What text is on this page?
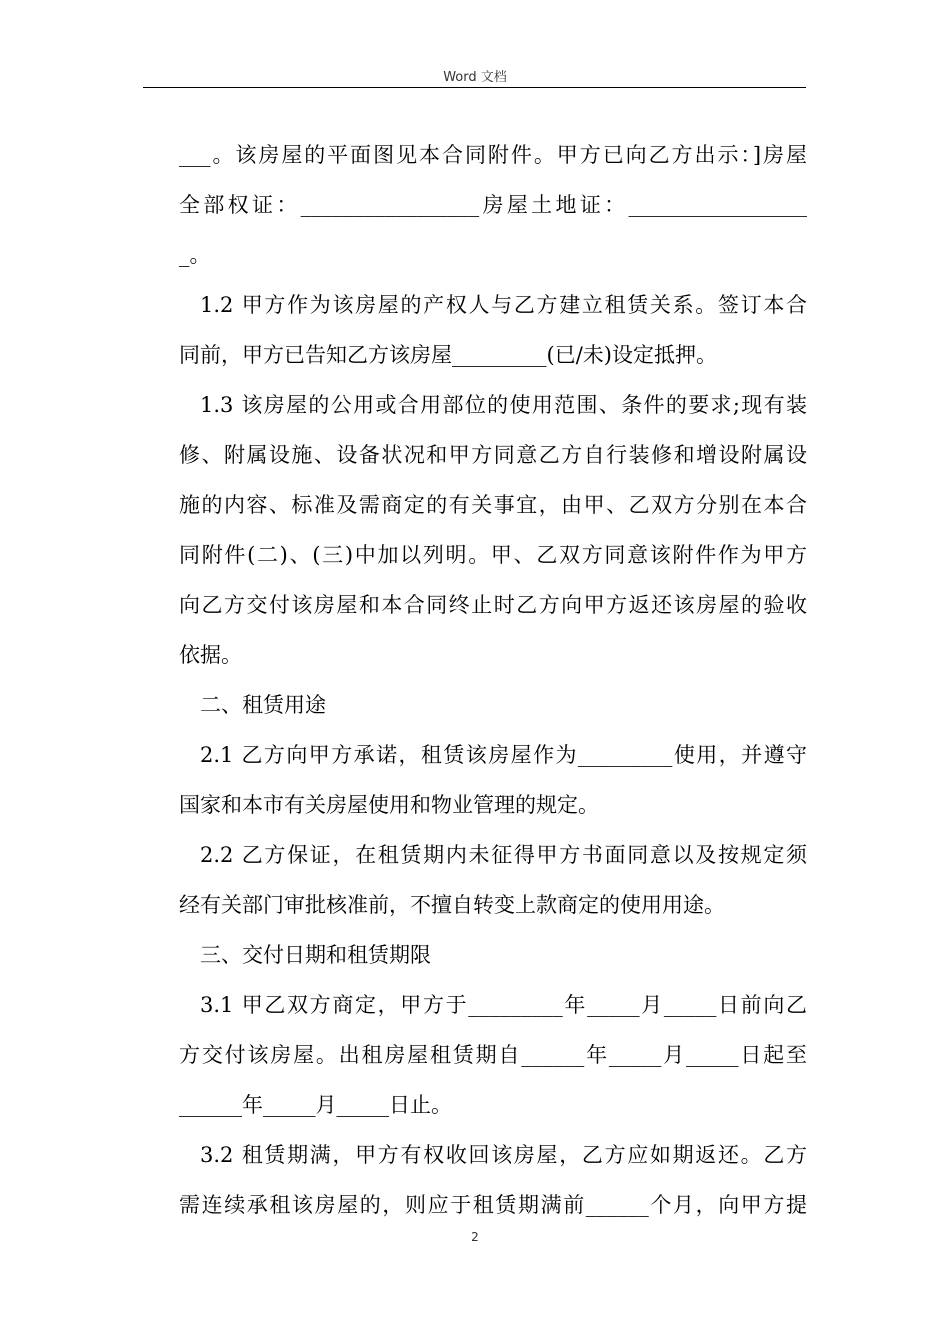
Word 文档
___。该房屋的平面图见本合同附件。甲方已向乙方出示：]房屋
全部权证：_________________房屋土地证：_________________
_。
1.2 甲方作为该房屋的产权人与乙方建立租赁关系。签订本合
同前，甲方已告知乙方该房屋_________(已/未)设定抵押。
1.3 该房屋的公用或合用部位的使用范围、条件的要求;现有装
修、附属设施、设备状况和甲方同意乙方自行装修和增设附属设
施的内容、标准及需商定的有关事宜，由甲、乙双方分别在本合
同附件(二)、(三)中加以列明。甲、乙双方同意该附件作为甲方
向乙方交付该房屋和本合同终止时乙方向甲方返还该房屋的验收
依据。
二、租赁用途
2.1 乙方向甲方承诺，租赁该房屋作为_________使用，并遵守
国家和本市有关房屋使用和物业管理的规定。
2.2 乙方保证，在租赁期内未征得甲方书面同意以及按规定须
经有关部门审批核准前，不擅自转变上款商定的使用用途。
三、交付日期和租赁期限
3.1 甲乙双方商定，甲方于_________年_____月_____日前向乙
方交付该房屋。出租房屋租赁期自______年_____月_____日起至
______年_____月_____日止。
3.2 租赁期满，甲方有权收回该房屋，乙方应如期返还。乙方
需连续承租该房屋的，则应于租赁期满前______个月，向甲方提
2
